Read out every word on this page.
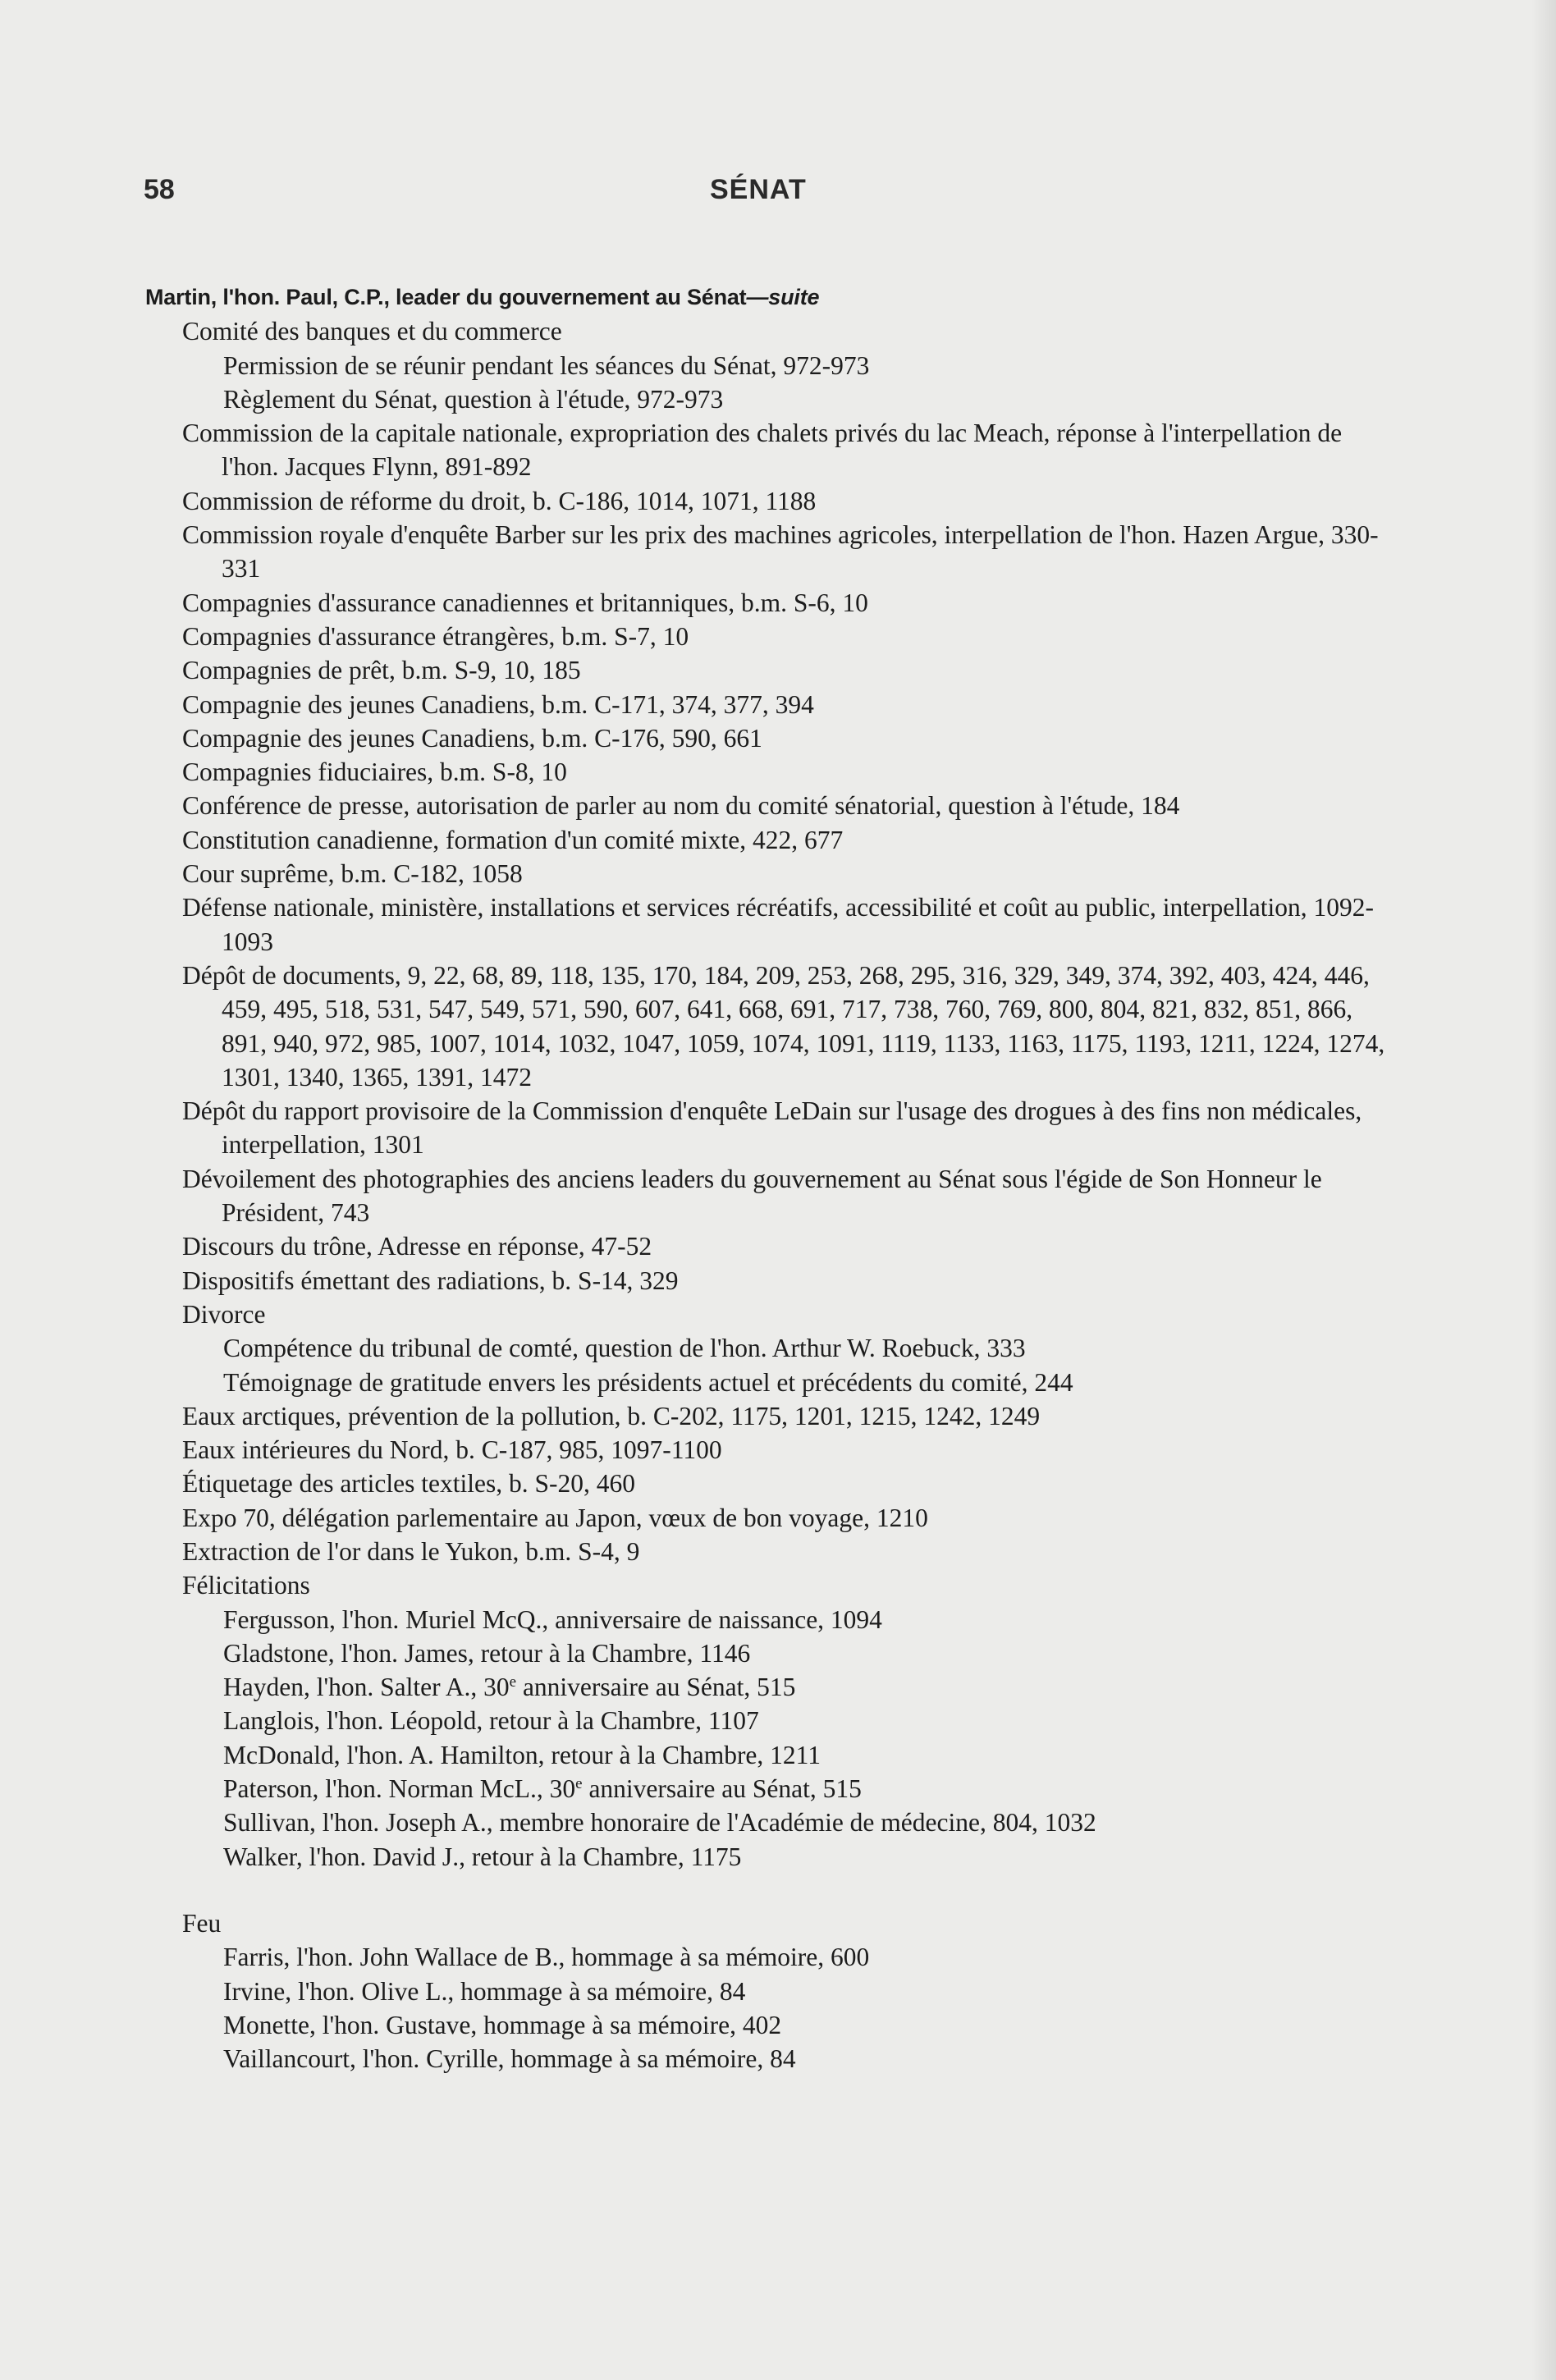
58	SÉNAT
Martin, l'hon. Paul, C.P., leader du gouvernement au Sénat—suite
Comité des banques et du commerce
Permission de se réunir pendant les séances du Sénat, 972-973
Règlement du Sénat, question à l'étude, 972-973
Commission de la capitale nationale, expropriation des chalets privés du lac Meach, réponse à l'interpellation de l'hon. Jacques Flynn, 891-892
Commission de réforme du droit, b. C-186, 1014, 1071, 1188
Commission royale d'enquête Barber sur les prix des machines agricoles, interpellation de l'hon. Hazen Argue, 330-331
Compagnies d'assurance canadiennes et britanniques, b.m. S-6, 10
Compagnies d'assurance étrangères, b.m. S-7, 10
Compagnies de prêt, b.m. S-9, 10, 185
Compagnie des jeunes Canadiens, b.m. C-171, 374, 377, 394
Compagnie des jeunes Canadiens, b.m. C-176, 590, 661
Compagnies fiduciaires, b.m. S-8, 10
Conférence de presse, autorisation de parler au nom du comité sénatorial, question à l'étude, 184
Constitution canadienne, formation d'un comité mixte, 422, 677
Cour suprême, b.m. C-182, 1058
Défense nationale, ministère, installations et services récréatifs, accessibilité et coût au public, interpellation, 1092-1093
Dépôt de documents, 9, 22, 68, 89, 118, 135, 170, 184, 209, 253, 268, 295, 316, 329, 349, 374, 392, 403, 424, 446, 459, 495, 518, 531, 547, 549, 571, 590, 607, 641, 668, 691, 717, 738, 760, 769, 800, 804, 821, 832, 851, 866, 891, 940, 972, 985, 1007, 1014, 1032, 1047, 1059, 1074, 1091, 1119, 1133, 1163, 1175, 1193, 1211, 1224, 1274, 1301, 1340, 1365, 1391, 1472
Dépôt du rapport provisoire de la Commission d'enquête LeDain sur l'usage des drogues à des fins non médicales, interpellation, 1301
Dévoilement des photographies des anciens leaders du gouvernement au Sénat sous l'égide de Son Honneur le Président, 743
Discours du trône, Adresse en réponse, 47-52
Dispositifs émettant des radiations, b. S-14, 329
Divorce
Compétence du tribunal de comté, question de l'hon. Arthur W. Roebuck, 333
Témoignage de gratitude envers les présidents actuel et précédents du comité, 244
Eaux arctiques, prévention de la pollution, b. C-202, 1175, 1201, 1215, 1242, 1249
Eaux intérieures du Nord, b. C-187, 985, 1097-1100
Étiquetage des articles textiles, b. S-20, 460
Expo 70, délégation parlementaire au Japon, vœux de bon voyage, 1210
Extraction de l'or dans le Yukon, b.m. S-4, 9
Félicitations
Fergusson, l'hon. Muriel McQ., anniversaire de naissance, 1094
Gladstone, l'hon. James, retour à la Chambre, 1146
Hayden, l'hon. Salter A., 30e anniversaire au Sénat, 515
Langlois, l'hon. Léopold, retour à la Chambre, 1107
McDonald, l'hon. A. Hamilton, retour à la Chambre, 1211
Paterson, l'hon. Norman McL., 30e anniversaire au Sénat, 515
Sullivan, l'hon. Joseph A., membre honoraire de l'Académie de médecine, 804, 1032
Walker, l'hon. David J., retour à la Chambre, 1175
Feu
Farris, l'hon. John Wallace de B., hommage à sa mémoire, 600
Irvine, l'hon. Olive L., hommage à sa mémoire, 84
Monette, l'hon. Gustave, hommage à sa mémoire, 402
Vaillancourt, l'hon. Cyrille, hommage à sa mémoire, 84
